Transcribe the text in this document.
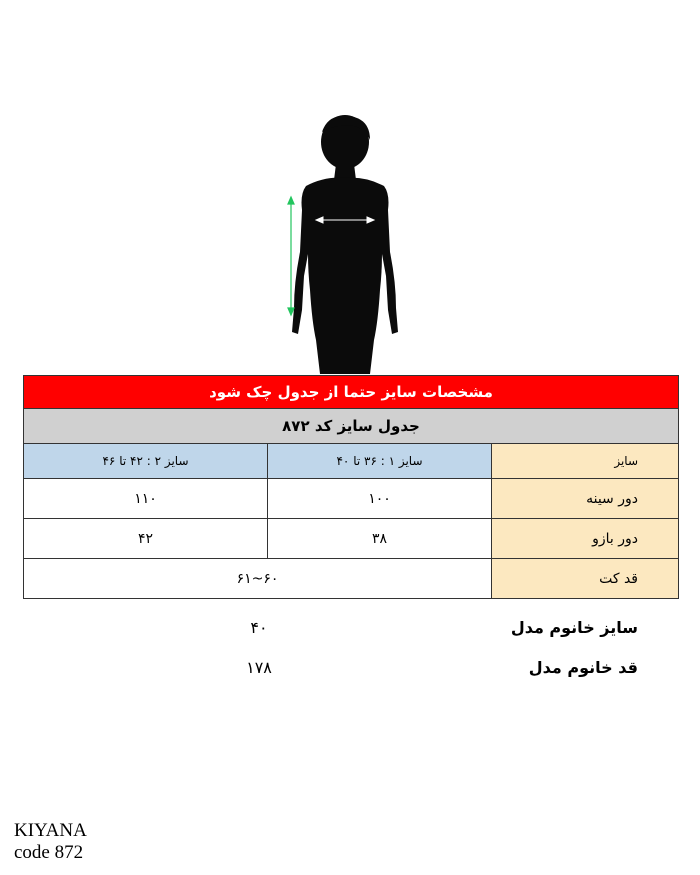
مشخصات سایز حتما از جدول چک شود		
جدول سایز کد ۸۷۲		
سایز	سایز ۱ : ۳۶ تا ۴۰	سایز ۲ : ۴۲ تا ۴۶
دور سینه	۱۰۰	۱۱۰
دور بازو	۳۸	۴۲
قد کت	۶۰~۶۱	
سایز خانوم مدل
۴۰
قد خانوم مدل
۱۷۸
KIYANA
code 872
